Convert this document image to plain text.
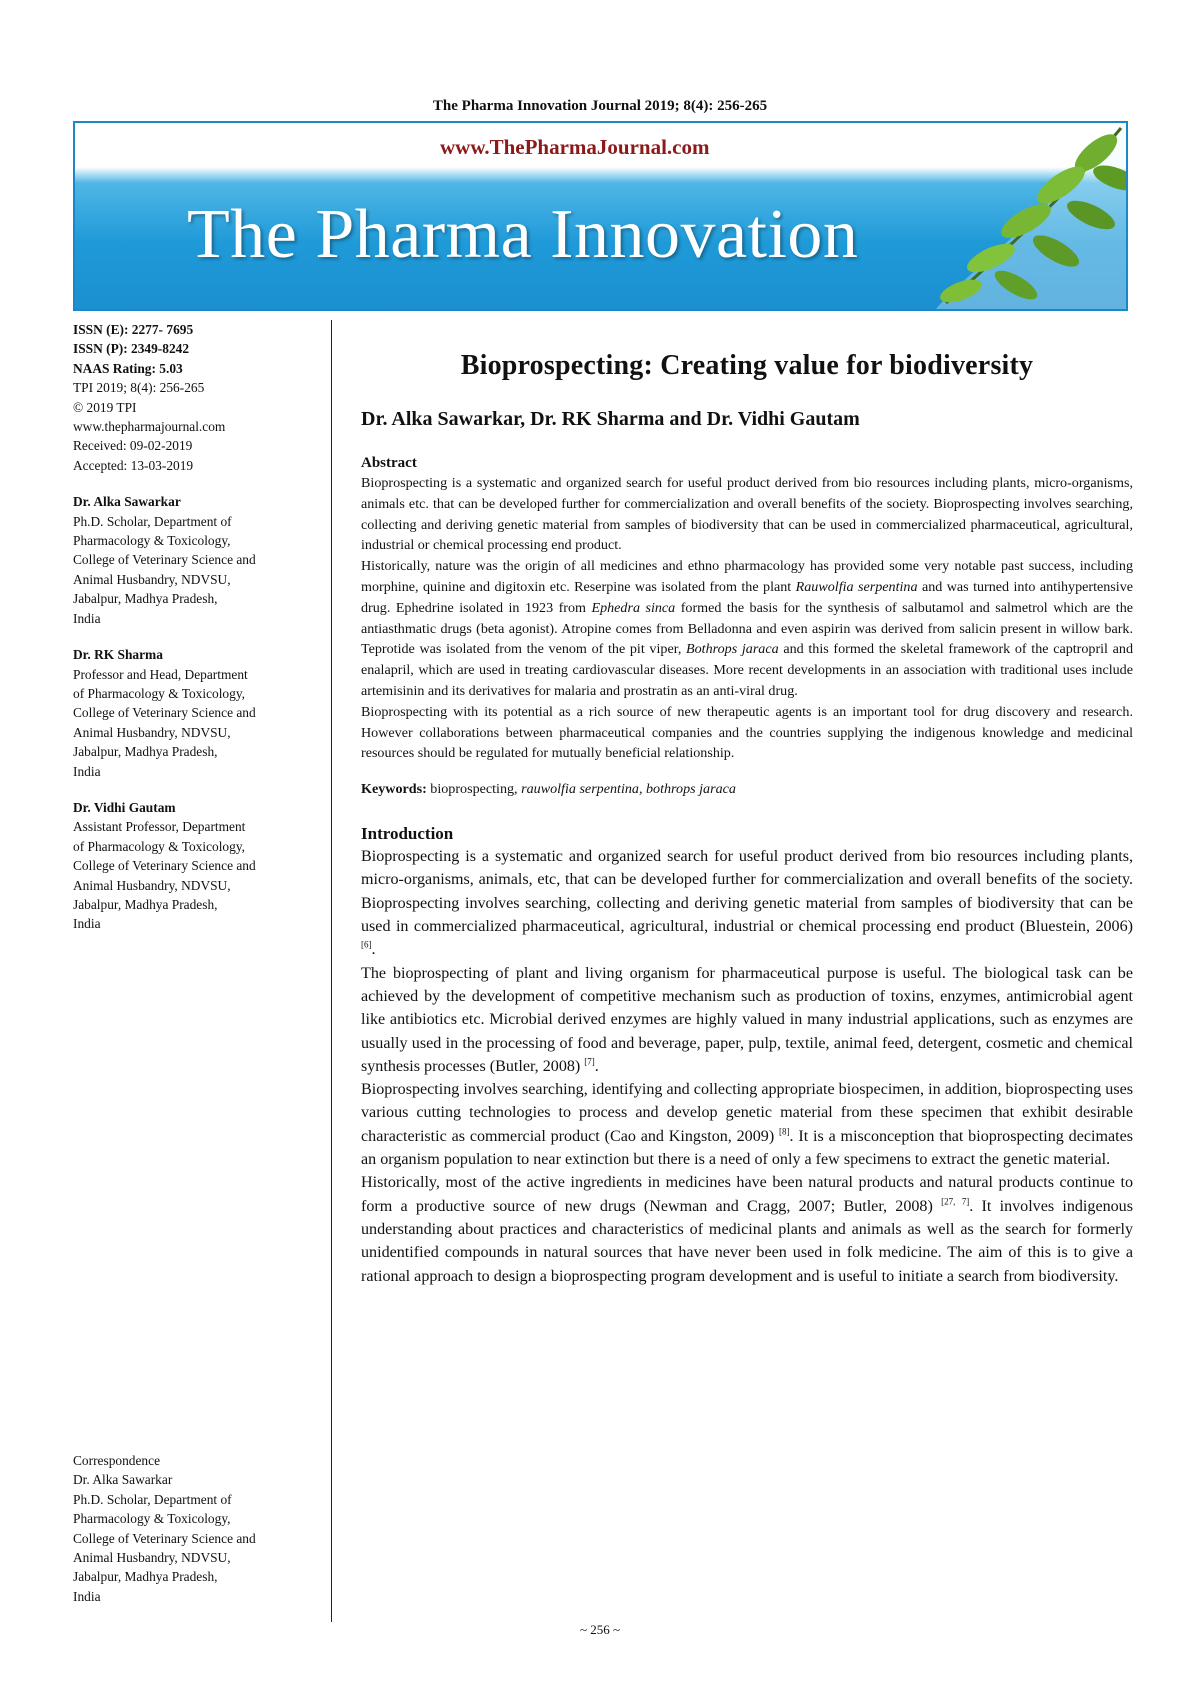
The Pharma Innovation Journal 2019; 8(4): 256-265
www.ThePharmaJournal.com
The Pharma Innovation
ISSN (E): 2277- 7695
ISSN (P): 2349-8242
NAAS Rating: 5.03
TPI 2019; 8(4): 256-265
© 2019 TPI
www.thepharmajournal.com
Received: 09-02-2019
Accepted: 13-03-2019
Dr. Alka Sawarkar
Ph.D. Scholar, Department of
Pharmacology & Toxicology,
College of Veterinary Science and
Animal Husbandry, NDVSU,
Jabalpur, Madhya Pradesh,
India
Dr. RK Sharma
Professor and Head, Department
of Pharmacology & Toxicology,
College of Veterinary Science and
Animal Husbandry, NDVSU,
Jabalpur, Madhya Pradesh,
India
Dr. Vidhi Gautam
Assistant Professor, Department
of Pharmacology & Toxicology,
College of Veterinary Science and
Animal Husbandry, NDVSU,
Jabalpur, Madhya Pradesh,
India
Correspondence
Dr. Alka Sawarkar
Ph.D. Scholar, Department of
Pharmacology & Toxicology,
College of Veterinary Science and
Animal Husbandry, NDVSU,
Jabalpur, Madhya Pradesh,
India
Bioprospecting: Creating value for biodiversity
Dr. Alka Sawarkar, Dr. RK Sharma and Dr. Vidhi Gautam
Abstract

Bioprospecting is a systematic and organized search for useful product derived from bio resources including plants, micro-organisms, animals etc. that can be developed further for commercialization and overall benefits of the society. Bioprospecting involves searching, collecting and deriving genetic material from samples of biodiversity that can be used in commercialized pharmaceutical, agricultural, industrial or chemical processing end product.

Historically, nature was the origin of all medicines and ethno pharmacology has provided some very notable past success, including morphine, quinine and digitoxin etc. Reserpine was isolated from the plant Rauwolfia serpentina and was turned into antihypertensive drug. Ephedrine isolated in 1923 from Ephedra sinca formed the basis for the synthesis of salbutamol and salmetrol which are the antiasthmatic drugs (beta agonist). Atropine comes from Belladonna and even aspirin was derived from salicin present in willow bark. Teprotide was isolated from the venom of the pit viper, Bothrops jaraca and this formed the skeletal framework of the captropril and enalapril, which are used in treating cardiovascular diseases. More recent developments in an association with traditional uses include artemisinin and its derivatives for malaria and prostratin as an anti-viral drug.

Bioprospecting with its potential as a rich source of new therapeutic agents is an important tool for drug discovery and research. However collaborations between pharmaceutical companies and the countries supplying the indigenous knowledge and medicinal resources should be regulated for mutually beneficial relationship.

Keywords: bioprospecting, rauwolfia serpentina, bothrops jaraca
Introduction

Bioprospecting is a systematic and organized search for useful product derived from bio resources including plants, micro-organisms, animals, etc, that can be developed further for commercialization and overall benefits of the society. Bioprospecting involves searching, collecting and deriving genetic material from samples of biodiversity that can be used in commercialized pharmaceutical, agricultural, industrial or chemical processing end product (Bluestein, 2006) [6].

The bioprospecting of plant and living organism for pharmaceutical purpose is useful. The biological task can be achieved by the development of competitive mechanism such as production of toxins, enzymes, antimicrobial agent like antibiotics etc. Microbial derived enzymes are highly valued in many industrial applications, such as enzymes are usually used in the processing of food and beverage, paper, pulp, textile, animal feed, detergent, cosmetic and chemical synthesis processes (Butler, 2008) [7].

Bioprospecting involves searching, identifying and collecting appropriate biospecimen, in addition, bioprospecting uses various cutting technologies to process and develop genetic material from these specimen that exhibit desirable characteristic as commercial product (Cao and Kingston, 2009) [8]. It is a misconception that bioprospecting decimates an organism population to near extinction but there is a need of only a few specimens to extract the genetic material.

Historically, most of the active ingredients in medicines have been natural products and natural products continue to form a productive source of new drugs (Newman and Cragg, 2007; Butler, 2008) [27, 7]. It involves indigenous understanding about practices and characteristics of medicinal plants and animals as well as the search for formerly unidentified compounds in natural sources that have never been used in folk medicine. The aim of this is to give a rational approach to design a bioprospecting program development and is useful to initiate a search from biodiversity.

~ 256 ~
